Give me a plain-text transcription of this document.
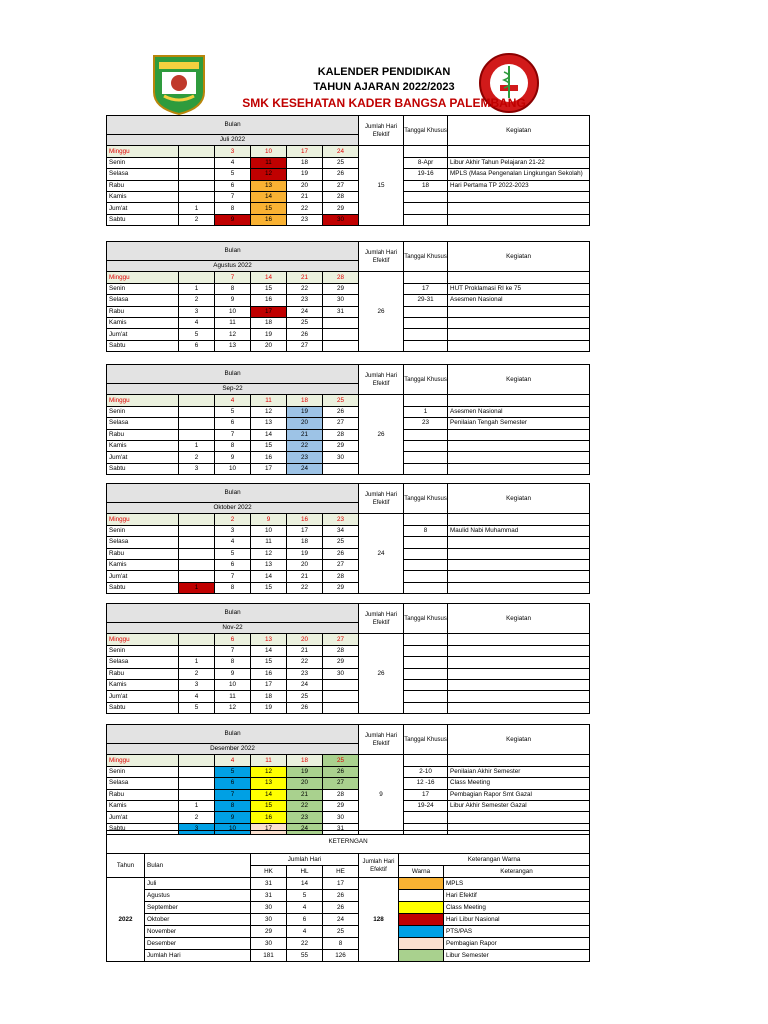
KALENDER PENDIDIKAN
TAHUN AJARAN 2022/2023
SMK KESEHATAN KADER BANGSA PALEMBANG
Bulan						Jumlah Hari Efektif	Tanggal Khusus	Kegiatan
Juli 2022								
Minggu		3	10	17	24	15		
Senin		4	11	18	25		8-Apr	Libur Akhir Tahun Pelajaran 21-22
Selasa		5	12	19	26		19-16	MPLS (Masa Pengenalan Lingkungan Sekolah)
Rabu		6	13	20	27		18	Hari Pertama TP 2022-2023
Kamis		7	14	21	28			
Jum'at	1	8	15	22	29			
Sabtu	2	9	16	23	30			
Bulan						Jumlah Hari Efektif	Tanggal Khusus	Kegiatan
Agustus 2022								
Minggu		7	14	21	28	26		
Senin	1	8	15	22	29		17	HUT Proklamasi RI ke 75
Selasa	2	9	16	23	30		29-31	Asesmen Nasional
Rabu	3	10	17	24	31			
Kamis	4	11	18	25				
Jum'at	5	12	19	26				
Sabtu	6	13	20	27				
Bulan						Jumlah Hari Efektif	Tanggal Khusus	Kegiatan
Sep-22								
Minggu		4	11	18	25	26		
Senin		5	12	19	26		1	Asesmen Nasional
Selasa		6	13	20	27		23	Penilaian Tengah Semester
Rabu		7	14	21	28			
Kamis	1	8	15	22	29			
Jum'at	2	9	16	23	30			
Sabtu	3	10	17	24				
Bulan						Jumlah Hari Efektif	Tanggal Khusus	Kegiatan
Oktober 2022								
Minggu		2	9	16	23	24		
Senin		3	10	17	34		8	Maulid Nabi Muhammad
Selasa		4	11	18	25			
Rabu		5	12	19	26			
Kamis		6	13	20	27			
Jum'at		7	14	21	28			
Sabtu	1	8	15	22	29			
Bulan						Jumlah Hari Efektif	Tanggal Khusus	Kegiatan
Nov-22								
Minggu		6	13	20	27	26		
Senin		7	14	21	28			
Selasa	1	8	15	22	29			
Rabu	2	9	16	23	30			
Kamis	3	10	17	24				
Jum'at	4	11	18	25				
Sabtu	5	12	19	26				
Bulan						Jumlah Hari Efektif	Tanggal Khusus	Kegiatan
Desember 2022								
Minggu		4	11	18	25	9		
Senin		5	12	19	26		2-10	Penilaian Akhir Semester
Selasa		6	13	20	27		12 -16	Class Meeting
Rabu		7	14	21	28		17	Pembagian Rapor Smt Gazal
Kamis	1	8	15	22	29		19-24	Libur Akhir Semester Gazal
Jum'at	2	9	16	23	30			
Sabtu	3	10	17	24	31			
KETERNGAN							
Tahun	Bulan	Jumlah Hari			Jumlah Hari Efektif	Keterangan Warna	
		HK	HL	HE		Warna	Keterangan
2022	Juli	31	14	17	128		MPLS
	Agustus	31	5	26			Hari Efektif
	September	30	4	26			Class Meeting
	Oktober	30	6	24			Hari Libur Nasional
	November	29	4	25			PTS/PAS
	Desember	30	22	8			Pembagian Rapor
	Jumlah Hari	181	55	126			Libur Semester
